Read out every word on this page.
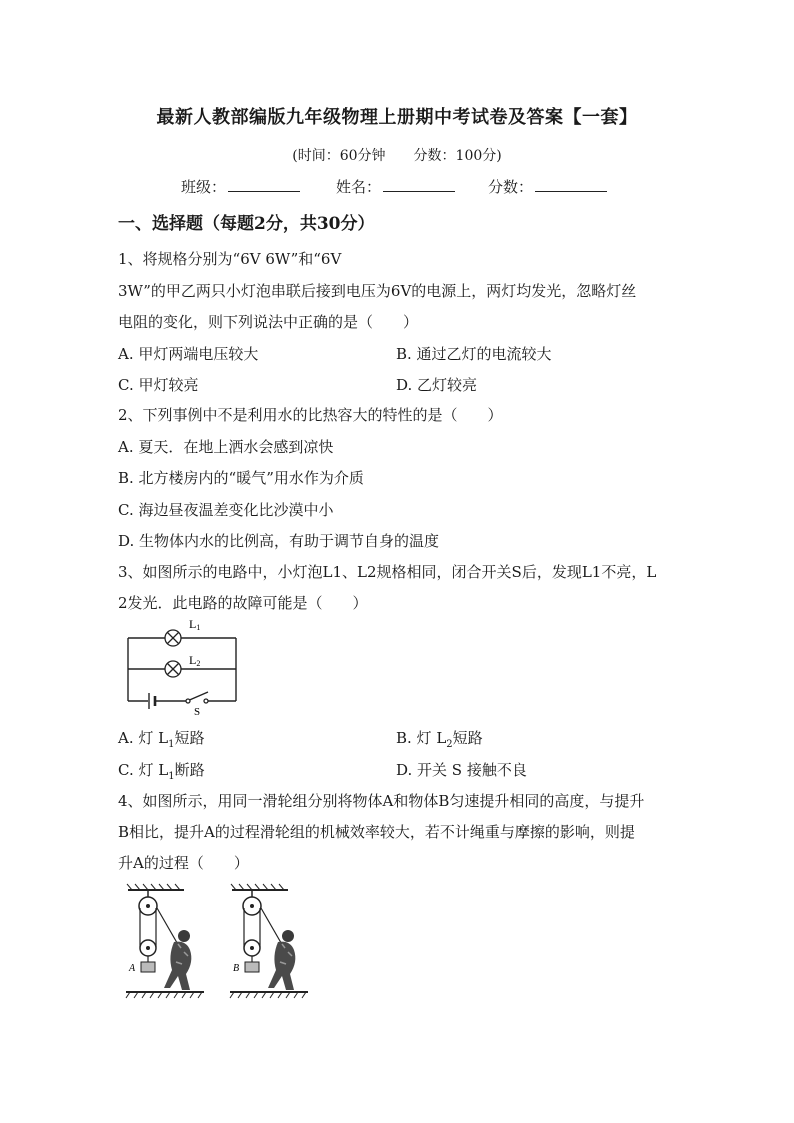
最新人教部编版九年级物理上册期中考试卷及答案【一套】
(时间：60分钟 分数：100分)
班级：	姓名：	分数：
一、选择题（每题2分，共30分）
1、将规格分别为“6V 6W”和“6V
3W”的甲乙两只小灯泡串联后接到电压为6V的电源上，两灯均发光，忽略灯丝
电阻的变化，则下列说法中正确的是（　　）
A. 甲灯两端电压较大	B. 通过乙灯的电流较大
C. 甲灯较亮	D. 乙灯较亮
2、下列事例中不是利用水的比热容大的特性的是（　　）
A. 夏天．在地上洒水会感到凉快
B. 北方楼房内的“暖气”用水作为介质
C. 海边昼夜温差变化比沙漠中小
D. 生物体内水的比例高，有助于调节自身的温度
3、如图所示的电路中，小灯泡L1、L2规格相同，闭合开关S后，发现L1不亮，L
2发光．此电路的故障可能是（　　）
L1
L2
S
A. 灯 $L_1$短路	B. 灯 $L_2$短路
C. 灯 $L_1$断路	D. 开关 S 接触不良
4、如图所示，用同一滑轮组分别将物体A和物体B匀速提升相同的高度，与提升
B相比，提升A的过程滑轮组的机械效率较大，若不计绳重与摩擦的影响，则提
升A的过程（　　）
A	B
